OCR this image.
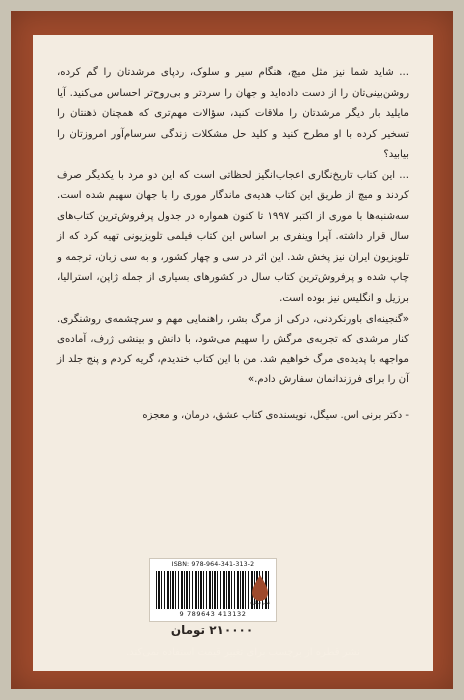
... شاید شما نیز مثل میچ، هنگام سیر و سلوک، ردپای مرشدتان را گم کرده، روشن‌بینی‌تان را از دست داده‌اید و جهان را سردتر و بی‌روح‌تر احساس می‌کنید. آیا مایلید بار دیگر مرشدتان را ملاقات کنید، سؤالات مهم‌تری که همچنان ذهنتان را تسخیر کرده با او مطرح کنید و کلید حل مشکلات زندگی سرسام‌آور امروزتان را بیابید؟

... این کتاب تاریخ‌نگاری اعجاب‌انگیز لحظاتی است که این دو مرد با یکدیگر صرف کردند و میچ از طریق این کتاب هدیه‌ی ماندگار موری را با جهان سهیم شده است. سه‌شنبه‌ها با موری از اکتبر ۱۹۹۷ تا کنون همواره در جدول پرفروش‌ترین کتاب‌های سال قرار داشته. آپرا وینفری بر اساس این کتاب فیلمی تلویزیونی تهیه کرد که از تلویزیون ایران نیز پخش شد. این اثر در سی و چهار کشور، و به سی زبان، ترجمه و چاپ شده و پرفروش‌ترین کتاب سال در کشورهای بسیاری از جمله ژاپن، استرالیا، برزیل و انگلیس نیز بوده است.

«گنجینه‌ای باورنکردنی، درکی از مرگ بشر، راهنمایی مهم و سرچشمه‌ی روشنگری. کنار مرشدی که تجربه‌ی مرگش را سهیم می‌شود، با دانش و بینشی ژرف، آماده‌ی مواجهه با پدیده‌ی مرگ خواهیم شد. من با این کتاب خندیدم، گریه کردم و پنج جلد از آن را برای فرزندانمان سفارش دادم.»

- دکتر برنی اس. سیگل، نویسنده‌ی کتاب عشق، درمان، و معجزه
ISBN: 978-964-341-313-2
9 789643 413132
نشر قطره
۲۱۰۰۰۰ تومان
نشر قطره از برچسب برای تغییر قیمت استفاده نمی‌کند.
